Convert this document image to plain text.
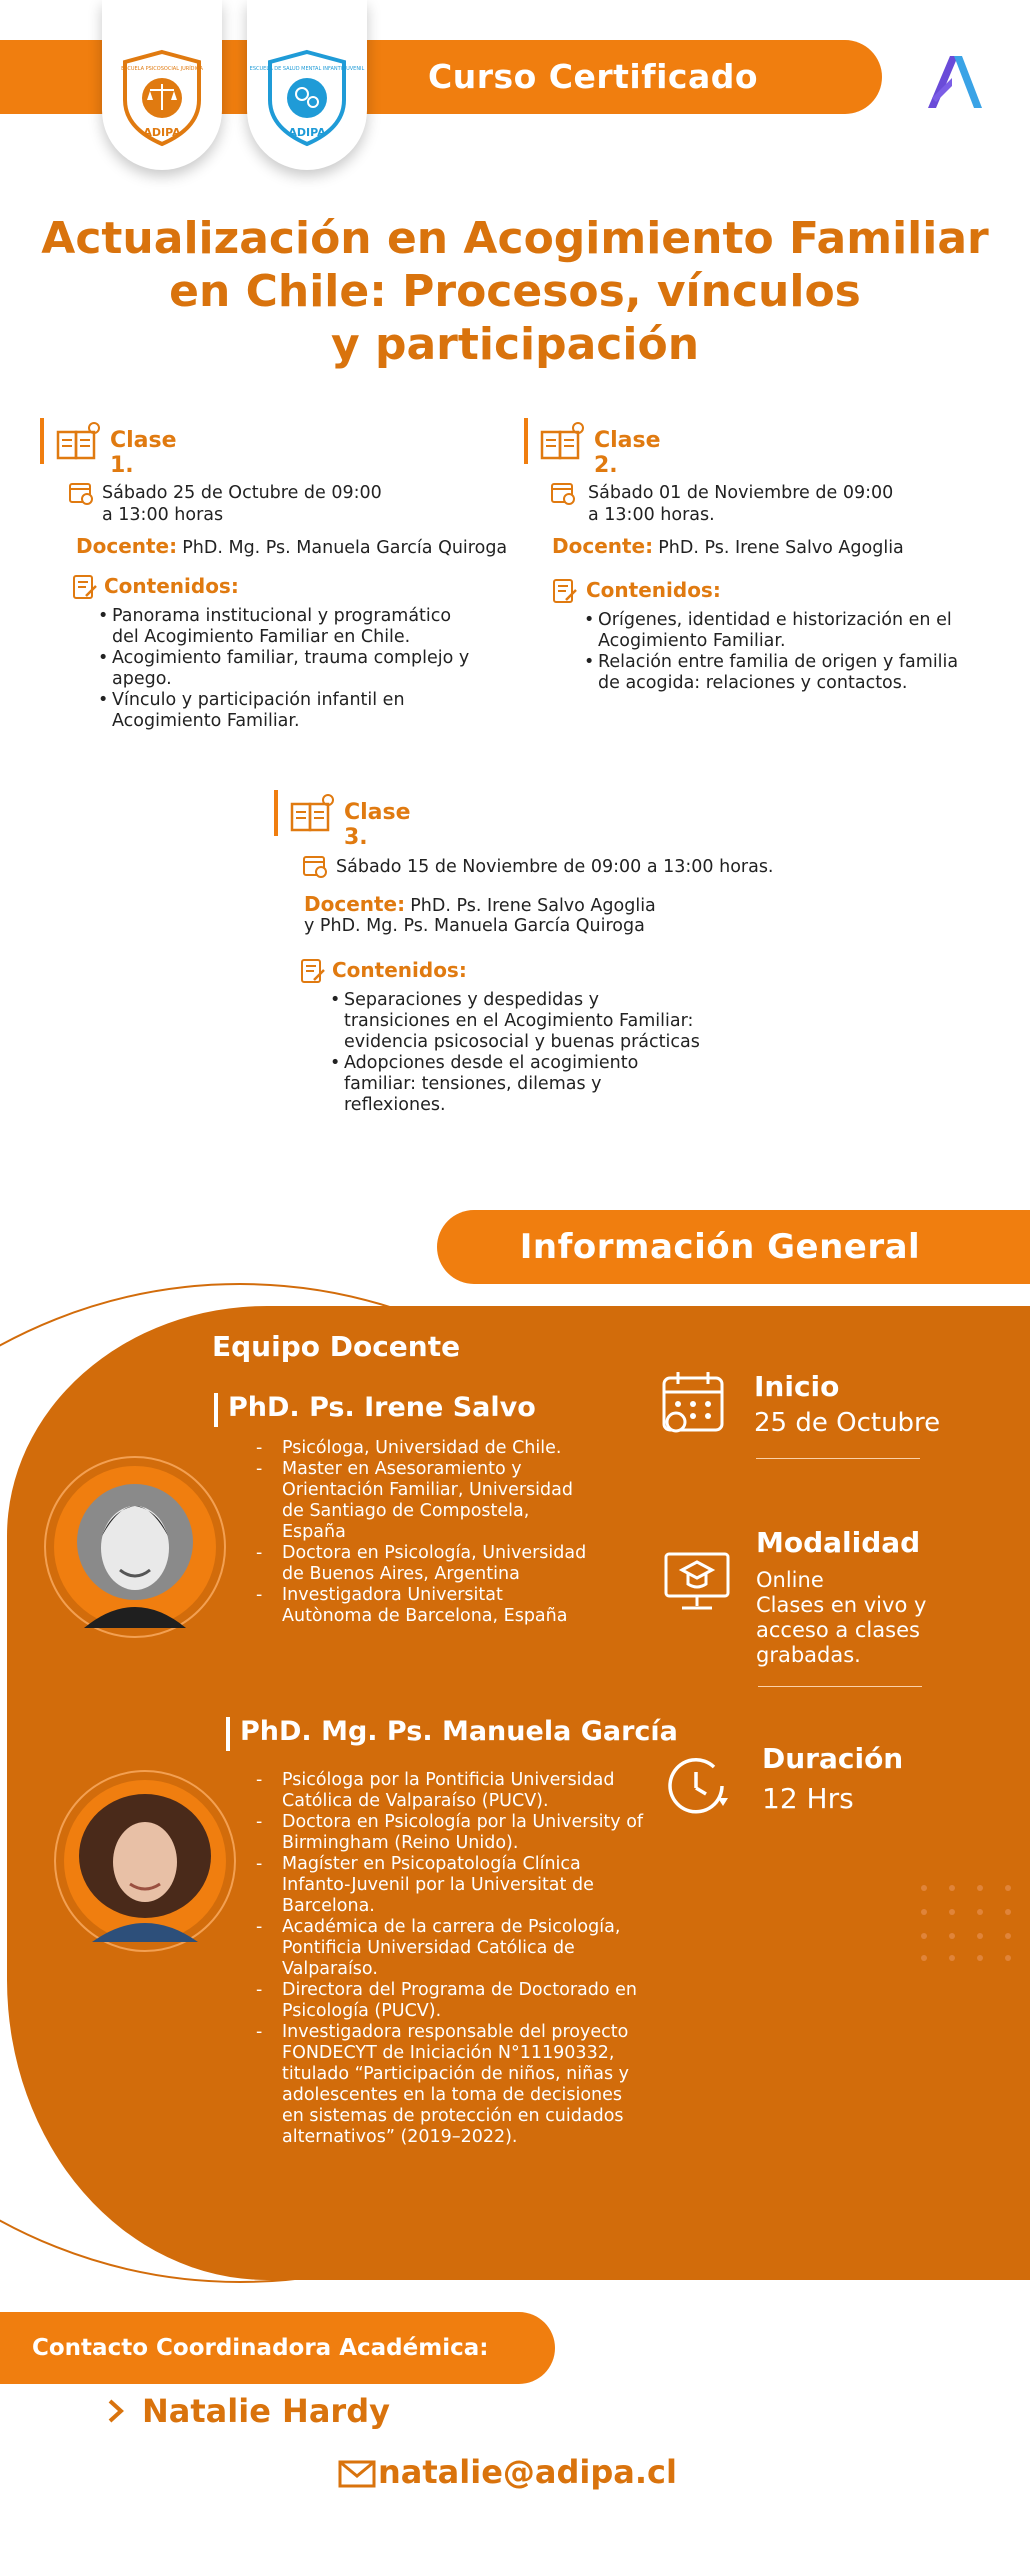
Curso Certificado
ESCUELA PSICOSOCIAL JURÍDICA
ADIPA
ESCUELA DE SALUD MENTAL INFANTOJUVENIL
ADIPA
Actualización en Acogimiento Familiar
en Chile: Procesos, vínculos
y participación
Clase 1.
Sábado 25 de Octubre de 09:00
a 13:00 horas
Docente: PhD. Mg. Ps. Manuela García Quiroga
Contenidos:
• Panorama institucional y programático del Acogimiento Familiar en Chile.
• Acogimiento familiar, trauma complejo y apego.
• Vínculo y participación infantil en Acogimiento Familiar.
Clase 2.
Sábado 01 de Noviembre de 09:00
a 13:00 horas.
Docente: PhD. Ps. Irene Salvo Agoglia
Contenidos:
• Orígenes, identidad e historización en el Acogimiento Familiar.
• Relación entre familia de origen y familia de acogida: relaciones y contactos.
Clase 3.
Sábado 15 de Noviembre de 09:00 a 13:00 horas.
Docente: PhD. Ps. Irene Salvo Agoglia
y PhD. Mg. Ps. Manuela García Quiroga
Contenidos:
• Separaciones y despedidas y transiciones en el Acogimiento Familiar: evidencia psicosocial y buenas prácticas
• Adopciones desde el acogimiento familiar: tensiones, dilemas y reflexiones.
Información General
Equipo Docente
PhD. Ps. Irene Salvo
- Psicóloga, Universidad de Chile.
- Master en Asesoramiento y Orientación Familiar, Universidad de Santiago de Compostela, España
- Doctora en Psicología, Universidad de Buenos Aires, Argentina
- Investigadora Universitat Autònoma de Barcelona, España
PhD. Mg. Ps. Manuela García
- Psicóloga por la Pontificia Universidad Católica de Valparaíso (PUCV).
- Doctora en Psicología por la University of Birmingham (Reino Unido).
- Magíster en Psicopatología Clínica Infanto-Juvenil por la Universitat de Barcelona.
- Académica de la carrera de Psicología, Pontificia Universidad Católica de Valparaíso.
- Directora del Programa de Doctorado en Psicología (PUCV).
- Investigadora responsable del proyecto FONDECYT de Iniciación N°11190332, titulado “Participación de niños, niñas y adolescentes en la toma de decisiones en sistemas de protección en cuidados alternativos” (2019–2022).
Inicio
25 de Octubre
Modalidad
Online
Clases en vivo y
acceso a clases
grabadas.
Duración
12 Hrs
Contacto Coordinadora Académica:
Natalie Hardy
natalie@adipa.cl
